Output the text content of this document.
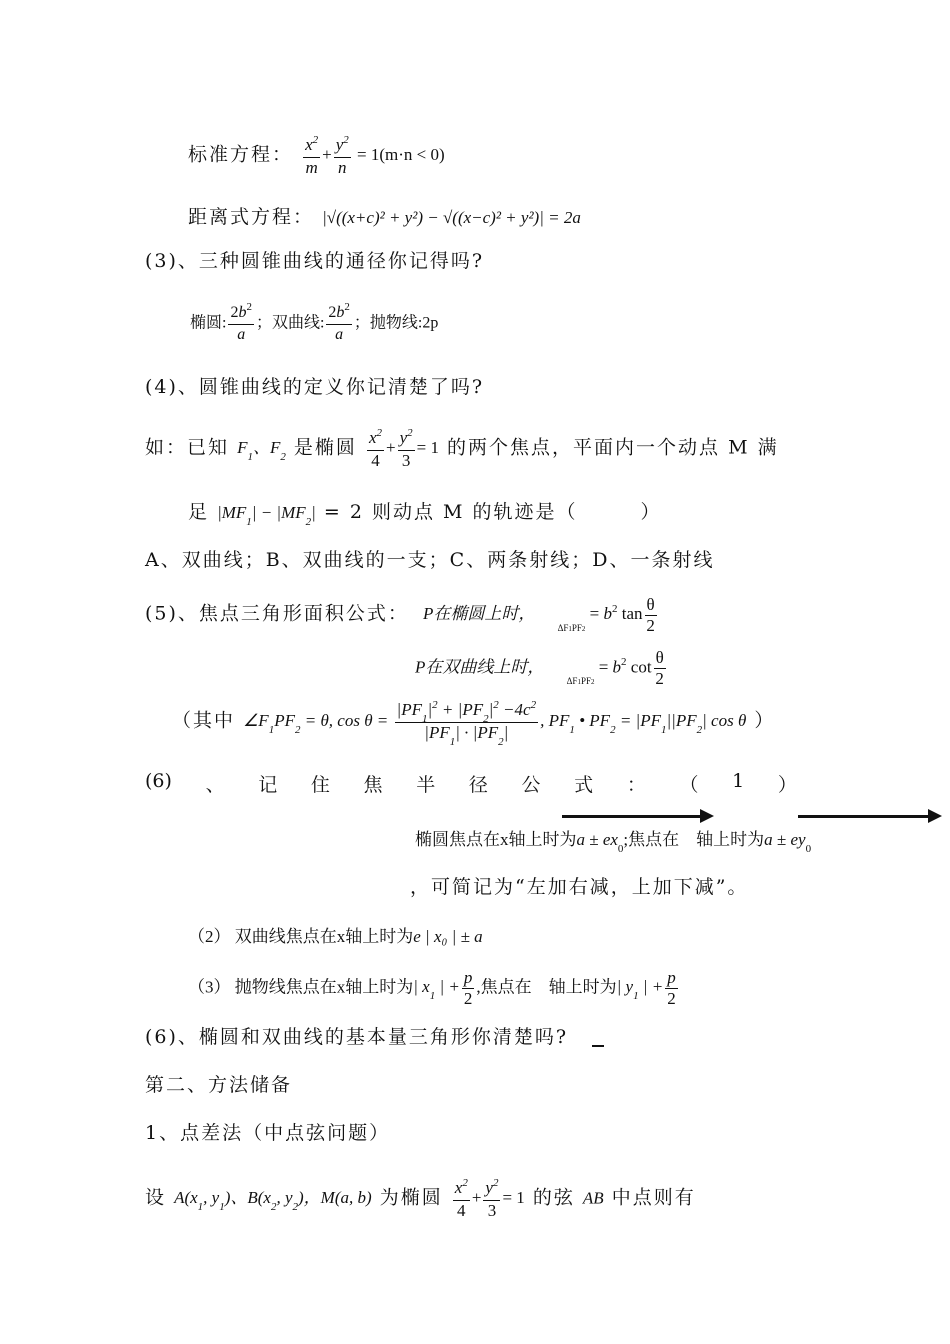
标准方程： $\frac{x^2}{m} + \frac{y^2}{n} = 1(m\cdot n < 0)$
距离式方程： |√((x+c)² + y²) − √((x−c)² + y²)| = 2a
(3)、三种圆锥曲线的通径你记得吗?
椭圆: $\frac{2b^2}{a}$ ；双曲线: $\frac{2b^2}{a}$ ；抛物线:2p
(4)、圆锥曲线的定义你记清楚了吗?
如：已知 $F_1$、$F_2$ 是椭圆 $\frac{x^2}{4} + \frac{y^2}{3} = 1$ 的两个焦点，平面内一个动点 M 满
足 $|MF_1| - |MF_2| = 2$ 则动点 M 的轨迹是（　　　）
A、双曲线；B、双曲线的一支；C、两条射线；D、一条射线
(5)、焦点三角形面积公式： P在椭圆上时， $_{\Delta F1PF2} = b^2$ $\tan \frac{\theta}{2}$
P在双曲线上时， $_{\Delta F1PF2} = b^2$ $\cot \frac{\theta}{2}$
（其中 $\angle F_1PF_2 = \theta$, $\cos \theta = \frac{|PF_1|^2 + |PF_2|^2 -4c^2}{|PF_1| \cdot |PF_2|}$ , $PF_1$ • $PF_2 = |PF_1||PF_2|$ cos θ ）
(6) 、 记 住 焦 半 径 公 式 ： （ 1 ）
椭圆焦点在x轴上时为$a \pm ex_0$;焦点在　轴上时为$a \pm ey_0$
，可简记为“左加右减，上加下减”。
（2） 双曲线焦点在x轴上时为e | x₀ | ± a
（3） 抛物线焦点在x轴上时为| $x_1$ | + $\frac{p}{2}$ ,焦点在　轴上时为| $y_1$ | + $\frac{p}{2}$
(6)、椭圆和双曲线的基本量三角形你清楚吗?
第二、方法储备
1、点差法（中点弦问题）
设 $A(x_1$, $y_1$)、$B(x_2$, $y_2$)，M(a, b) 为椭圆 $\frac{x^2}{4} + \frac{y^2}{3} = 1$ 的弦 AB 中点则有
